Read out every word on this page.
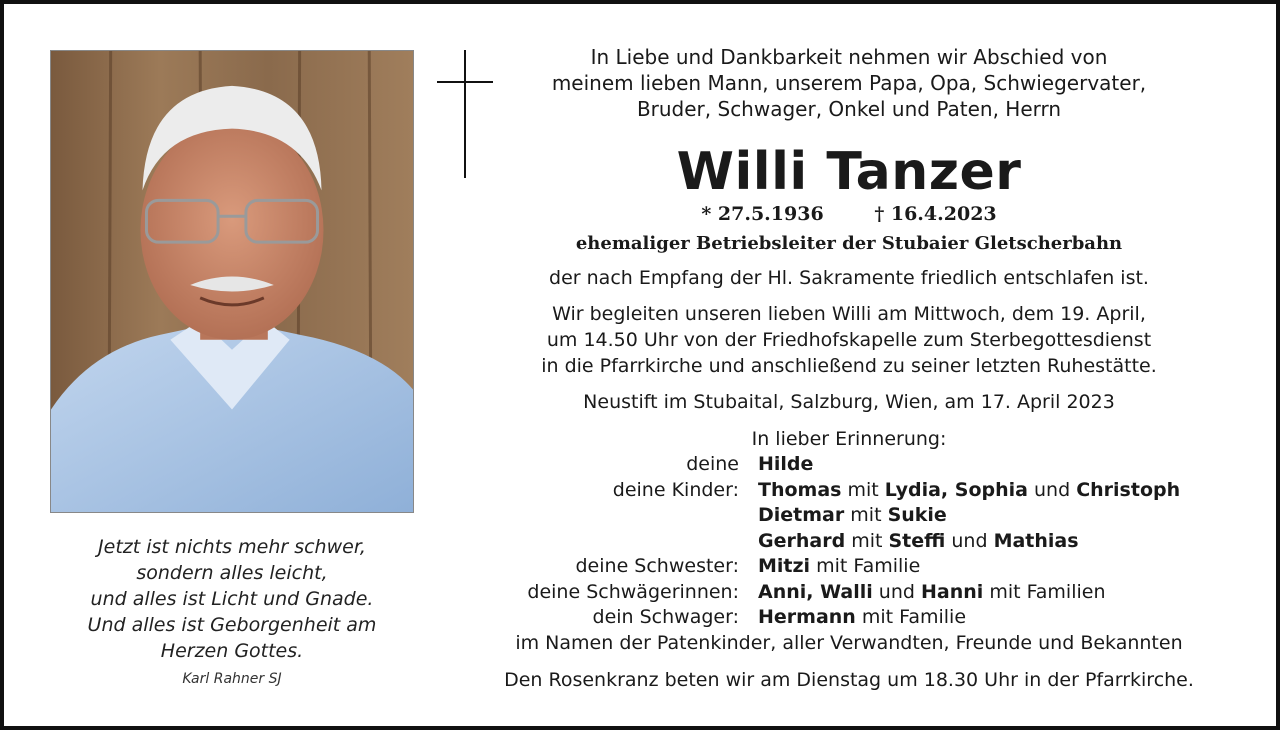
Jetzt ist nichts mehr schwer,
sondern alles leicht,
und alles ist Licht und Gnade.
Und alles ist Geborgenheit am
Herzen Gottes.
Karl Rahner SJ
In Liebe und Dankbarkeit nehmen wir Abschied von
meinem lieben Mann, unserem Papa, Opa, Schwiegervater,
Bruder, Schwager, Onkel und Paten, Herrn
Willi Tanzer
* 27.5.1936	† 16.4.2023
ehemaliger Betriebsleiter der Stubaier Gletscherbahn
der nach Empfang der Hl. Sakramente friedlich entschlafen ist.
Wir begleiten unseren lieben Willi am Mittwoch, dem 19. April,
um 14.50 Uhr von der Friedhofskapelle zum Sterbegottesdienst
in die Pfarrkirche und anschließend zu seiner letzten Ruhestätte.
Neustift im Stubaital, Salzburg, Wien, am 17. April 2023
In lieber Erinnerung:
deine Hilde
deine Kinder: Thomas mit Lydia, Sophia und Christoph
Dietmar mit Sukie
Gerhard mit Steffi und Mathias
deine Schwester: Mitzi mit Familie
deine Schwägerinnen: Anni, Walli und Hanni mit Familien
dein Schwager: Hermann mit Familie
im Namen der Patenkinder, aller Verwandten, Freunde und Bekannten
Den Rosenkranz beten wir am Dienstag um 18.30 Uhr in der Pfarrkirche.
